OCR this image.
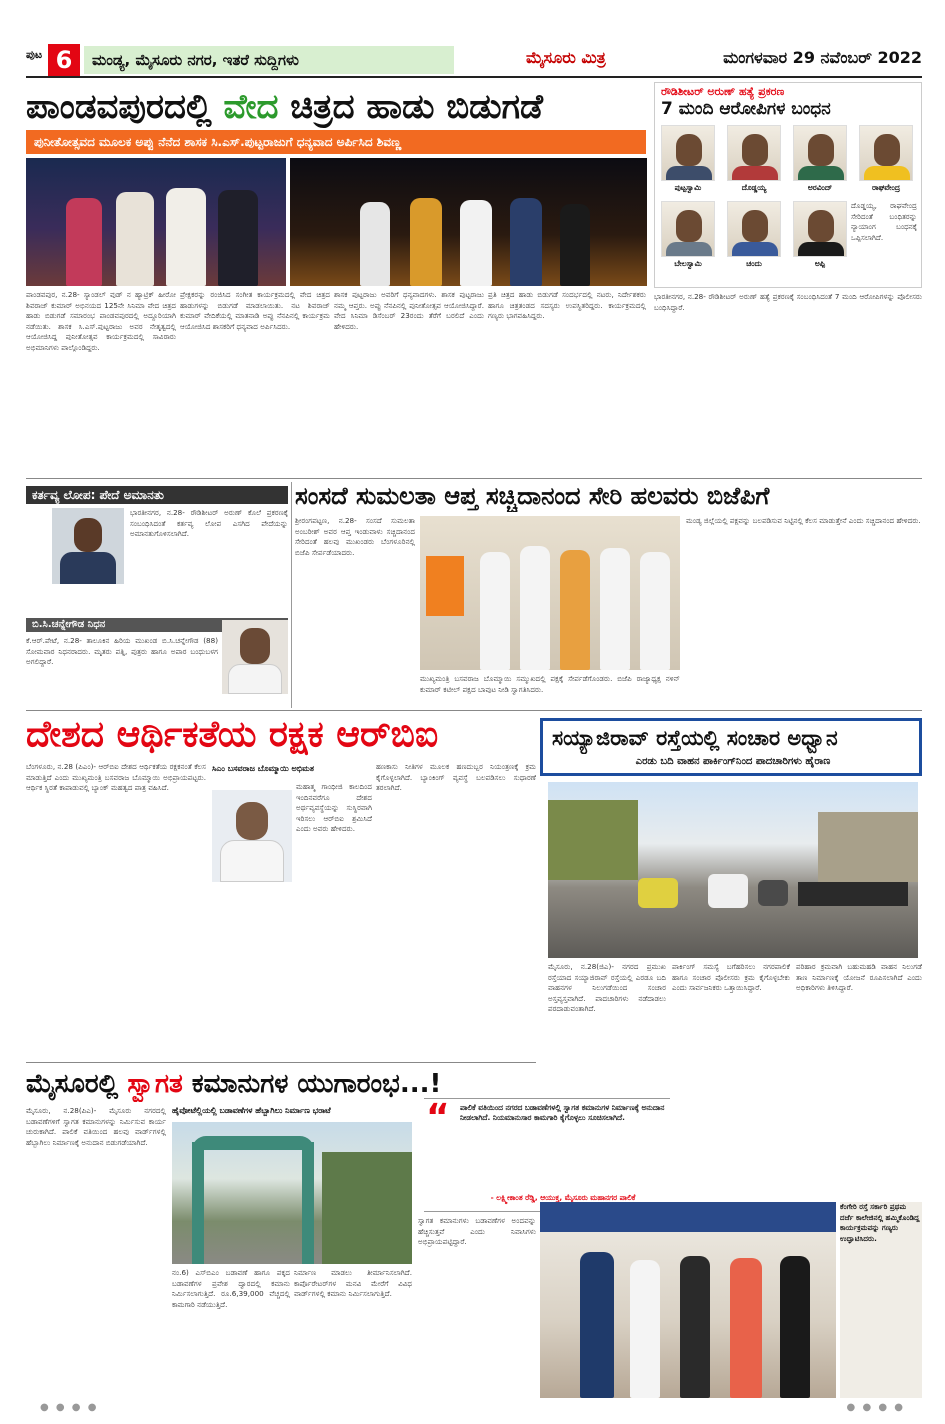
ಪುಟ 6	ಮಂಡ್ಯ, ಮೈಸೂರು ನಗರ, ಇತರೆ ಸುದ್ದಿಗಳು	ಮೈಸೂರು ಮಿತ್ರ	ಮಂಗಳವಾರ 29 ನವೆಂಬರ್ 2022
ಪಾಂಡವಪುರದಲ್ಲಿ ವೇದ ಚಿತ್ರದ ಹಾಡು ಬಿಡುಗಡೆ
ಪುನೀತೋತ್ಸವದ ಮೂಲಕ ಅಪ್ಪು ನೆನೆದ ಶಾಸಕ ಸಿ.ಎಸ್.ಪುಟ್ಟರಾಜುಗೆ ಧನ್ಯವಾದ ಅರ್ಪಿಸಿದ ಶಿವಣ್ಣ
ಪಾಂಡವಪುರ, ನ.28- ಸ್ಯಾಂಡಲ್ ವುಡ್ ನ ಹ್ಯಾಟ್ರಿಕ್ ಹೀರೋ ಶಿವರಾಜ್ ಕುಮಾರ್ ಅಭಿನಯದ 125ನೇ ಸಿನಿಮಾ ವೇದ ಚಿತ್ರದ ಹಾಡು ಬಿಡುಗಡೆ ಸಮಾರಂಭ ಪಾಂಡವಪುರದಲ್ಲಿ ಅದ್ದೂರಿಯಾಗಿ ನಡೆಯಿತು. ಶಾಸಕ ಸಿ.ಎಸ್.ಪುಟ್ಟರಾಜು ಅವರ ನೇತೃತ್ವದಲ್ಲಿ ಆಯೋಜಿಸಿದ್ದ ಪುನೀತೋತ್ಸವ ಕಾರ್ಯಕ್ರಮದಲ್ಲಿ ಸಾವಿರಾರು ಅಭಿಮಾನಿಗಳು ಪಾಲ್ಗೊಂಡಿದ್ದರು.
ಪ್ರೇಕ್ಷಕರನ್ನು ರಂಜಿಸಿದ ಸಂಗೀತ ಕಾರ್ಯಕ್ರಮದಲ್ಲಿ ವೇದ ಚಿತ್ರದ ಹಾಡುಗಳನ್ನು ಬಿಡುಗಡೆ ಮಾಡಲಾಯಿತು. ನಟ ಶಿವರಾಜ್ ಕುಮಾರ್ ವೇದಿಕೆಯಲ್ಲಿ ಮಾತನಾಡಿ ಅಪ್ಪು ನೆನಪಿನಲ್ಲಿ ಕಾರ್ಯಕ್ರಮ ಆಯೋಜಿಸಿದ ಶಾಸಕರಿಗೆ ಧನ್ಯವಾದ ಅರ್ಪಿಸಿದರು.
ಶಾಸಕ ಪುಟ್ಟರಾಜು ಅವರಿಗೆ ಧನ್ಯವಾದಗಳು. ಶಾಸಕ ಪುಟ್ಟರಾಜು ನಮ್ಮ ಆಪ್ತರು. ಅಪ್ಪು ನೆನಪಿನಲ್ಲಿ ಪುನೀತೋತ್ಸವ ಆಯೋಜಿಸಿದ್ದಾರೆ. ವೇದ ಸಿನಿಮಾ ಡಿಸೆಂಬರ್ 23ರಂದು ತೆರೆಗೆ ಬರಲಿದೆ ಎಂದು ಹೇಳಿದರು.
ಪ್ರತಿ ಚಿತ್ರದ ಹಾಡು ಬಿಡುಗಡೆ ಸಂದರ್ಭದಲ್ಲಿ ನಟರು, ನಿರ್ದೇಶಕರು ಹಾಗೂ ಚಿತ್ರತಂಡದ ಸದಸ್ಯರು ಉಪಸ್ಥಿತರಿದ್ದರು. ಕಾರ್ಯಕ್ರಮದಲ್ಲಿ ಗಣ್ಯರು ಭಾಗವಹಿಸಿದ್ದರು.
ರೌಡಿಶೀಟರ್ ಅರುಣ್ ಹತ್ಯೆ ಪ್ರಕರಣ
7 ಮಂದಿ ಆರೋಪಿಗಳ ಬಂಧನ
ಪುಟ್ಟಸ್ವಾಮಿ	ದೊಡ್ಡಯ್ಯ	ಅರವಿಂದ್	ರಾಘವೇಂದ್ರ
ಬೇಲಸ್ವಾಮಿ	ಚಂದು	ಅಪ್ಪಿ
ದೊಡ್ಡಯ್ಯ, ರಾಘವೇಂದ್ರ ಸೇರಿದಂತೆ ಬಂಧಿತರನ್ನು ನ್ಯಾಯಾಂಗ ಬಂಧನಕ್ಕೆ ಒಪ್ಪಿಸಲಾಗಿದೆ.
ಭಾರತೀನಗರ, ನ.28- ರೌಡಿಶೀಟರ್ ಅರುಣ್ ಹತ್ಯೆ ಪ್ರಕರಣಕ್ಕೆ ಸಂಬಂಧಿಸಿದಂತೆ 7 ಮಂದಿ ಆರೋಪಿಗಳನ್ನು ಪೊಲೀಸರು ಬಂಧಿಸಿದ್ದಾರೆ.
ಕರ್ತವ್ಯ ಲೋಪ: ಪೇದೆ ಅಮಾನತು
ಭಾರತೀನಗರ, ನ.28- ರೌಡಿಶೀಟರ್ ಅರುಣ್ ಕೊಲೆ ಪ್ರಕರಣಕ್ಕೆ ಸಂಬಂಧಿಸಿದಂತೆ ಕರ್ತವ್ಯ ಲೋಪ ಎಸಗಿದ ಪೇದೆಯನ್ನು ಅಮಾನತುಗೊಳಿಸಲಾಗಿದೆ.
ಬಿ.ಸಿ.ಚನ್ನೇಗೌಡ ನಿಧನ
ಕೆ.ಆರ್.ಪೇಟೆ, ನ.28- ತಾಲೂಕಿನ ಹಿರಿಯ ಮುಖಂಡ ಬಿ.ಸಿ.ಚನ್ನೇಗೌಡ (88) ಸೋಮವಾರ ನಿಧನರಾದರು. ಮೃತರು ಪತ್ನಿ, ಪುತ್ರರು ಹಾಗೂ ಅಪಾರ ಬಂಧುಬಳಗ ಅಗಲಿದ್ದಾರೆ.
ಸಂಸದೆ ಸುಮಲತಾ ಆಪ್ತ ಸಚ್ಚಿದಾನಂದ ಸೇರಿ ಹಲವರು ಬಿಜೆಪಿಗೆ
ಶ್ರೀರಂಗಪಟ್ಟಣ, ನ.28- ಸಂಸದೆ ಸುಮಲತಾ ಅಂಬರೀಶ್ ಅವರ ಆಪ್ತ ಇಂಡುವಾಳು ಸಚ್ಚಿದಾನಂದ ಸೇರಿದಂತೆ ಹಲವು ಮುಖಂಡರು ಬೆಂಗಳೂರಿನಲ್ಲಿ ಬಿಜೆಪಿ ಸೇರ್ಪಡೆಯಾದರು.
ಮುಖ್ಯಮಂತ್ರಿ ಬಸವರಾಜ ಬೊಮ್ಮಾಯಿ ಸಮ್ಮುಖದಲ್ಲಿ ಪಕ್ಷಕ್ಕೆ ಸೇರ್ಪಡೆಗೊಂಡರು. ಬಿಜೆಪಿ ರಾಜ್ಯಾಧ್ಯಕ್ಷ ನಳಿನ್ ಕುಮಾರ್ ಕಟೀಲ್ ಪಕ್ಷದ ಬಾವುಟ ನೀಡಿ ಸ್ವಾಗತಿಸಿದರು.
ಮಂಡ್ಯ ಜಿಲ್ಲೆಯಲ್ಲಿ ಪಕ್ಷವನ್ನು ಬಲಪಡಿಸುವ ನಿಟ್ಟಿನಲ್ಲಿ ಕೆಲಸ ಮಾಡುತ್ತೇನೆ ಎಂದು ಸಚ್ಚಿದಾನಂದ ಹೇಳಿದರು.
ದೇಶದ ಆರ್ಥಿಕತೆಯ ರಕ್ಷಕ ಆರ್‌ಬಿಐ
ಬೆಂಗಳೂರು, ನ.28 (ಪಿಎಂ)- ಆರ್‌ಬಿಐ ದೇಶದ ಆರ್ಥಿಕತೆಯ ರಕ್ಷಕನಂತೆ ಕೆಲಸ ಮಾಡುತ್ತಿದೆ ಎಂದು ಮುಖ್ಯಮಂತ್ರಿ ಬಸವರಾಜ ಬೊಮ್ಮಾಯಿ ಅಭಿಪ್ರಾಯಪಟ್ಟರು. ಆರ್ಥಿಕ ಸ್ಥಿರತೆ ಕಾಪಾಡುವಲ್ಲಿ ಬ್ಯಾಂಕ್ ಮಹತ್ವದ ಪಾತ್ರ ವಹಿಸಿದೆ.
ಸಿಎಂ ಬಸವರಾಜ ಬೊಮ್ಮಾಯಿ ಅಭಿಮತ
ಮಹಾತ್ಮ ಗಾಂಧೀಜಿ ಕಾಲದಿಂದ ಇಂದಿನವರೆಗೂ ದೇಶದ ಅರ್ಥವ್ಯವಸ್ಥೆಯನ್ನು ಸುಸ್ಥಿರವಾಗಿ ಇರಿಸಲು ಆರ್‌ಬಿಐ ಶ್ರಮಿಸಿದೆ ಎಂದು ಅವರು ಹೇಳಿದರು.
ಹಣಕಾಸು ನೀತಿಗಳ ಮೂಲಕ ಹಣದುಬ್ಬರ ನಿಯಂತ್ರಣಕ್ಕೆ ಕ್ರಮ ಕೈಗೊಳ್ಳಲಾಗಿದೆ. ಬ್ಯಾಂಕಿಂಗ್ ವ್ಯವಸ್ಥೆ ಬಲಪಡಿಸಲು ಸುಧಾರಣೆ ತರಲಾಗಿದೆ.
ಸಯ್ಯಾಜಿರಾವ್ ರಸ್ತೆಯಲ್ಲಿ ಸಂಚಾರ ಅಧ್ವಾನ
ಎರಡು ಬದಿ ವಾಹನ ಪಾರ್ಕಿಂಗ್‌ನಿಂದ ಪಾದಚಾರಿಗಳು ಹೈರಾಣ
ಮೈಸೂರು, ನ.28(ಜಿಎ)- ನಗರದ ಪ್ರಮುಖ ರಸ್ತೆಯಾದ ಸಯ್ಯಾಜಿರಾವ್ ರಸ್ತೆಯಲ್ಲಿ ಎರಡೂ ಬದಿ ವಾಹನಗಳ ನಿಲುಗಡೆಯಿಂದ ಸಂಚಾರ ಅಸ್ತವ್ಯಸ್ತವಾಗಿದೆ. ಪಾದಚಾರಿಗಳು ನಡೆದಾಡಲು ಪರದಾಡುವಂತಾಗಿದೆ.
ಪಾರ್ಕಿಂಗ್ ಸಮಸ್ಯೆ ಬಗೆಹರಿಸಲು ನಗರಪಾಲಿಕೆ ಹಾಗೂ ಸಂಚಾರ ಪೊಲೀಸರು ಕ್ರಮ ಕೈಗೊಳ್ಳಬೇಕು ಎಂದು ಸಾರ್ವಜನಿಕರು ಒತ್ತಾಯಿಸಿದ್ದಾರೆ.
ಪರಿಹಾರ ಕ್ರಮವಾಗಿ ಬಹುಮಹಡಿ ವಾಹನ ನಿಲುಗಡೆ ತಾಣ ನಿರ್ಮಾಣಕ್ಕೆ ಯೋಜನೆ ರೂಪಿಸಲಾಗಿದೆ ಎಂದು ಅಧಿಕಾರಿಗಳು ತಿಳಿಸಿದ್ದಾರೆ.
ಮೈಸೂರಲ್ಲಿ ಸ್ವಾಗತ ಕಮಾನುಗಳ ಯುಗಾರಂಭ...!
ಮೈಸೂರು, ನ.28(ಪಿಎ)- ಮೈಸೂರು ನಗರದಲ್ಲಿ ಬಡಾವಣೆಗಳಿಗೆ ಸ್ವಾಗತ ಕಮಾನುಗಳನ್ನು ನಿರ್ಮಿಸುವ ಕಾರ್ಯ ಚುರುಕಾಗಿದೆ. ಪಾಲಿಕೆ ವತಿಯಿಂದ ಹಲವು ವಾರ್ಡ್‌ಗಳಲ್ಲಿ ಹೆಬ್ಬಾಗಿಲು ನಿರ್ಮಾಣಕ್ಕೆ ಅನುದಾನ ಬಿಡುಗಡೆಯಾಗಿದೆ.
ಹೈವೋಟೆಲ್ಲಿಯಲ್ಲಿ ಬಡಾವಣೆಗಳ ಹೆಬ್ಬಾಗಿಲು ನಿರ್ಮಾಣ ಭರಾಟೆ
ನಂ.6) ಎಸ್‌ಬಿಎಂ ಬಡಾವಣೆ ಹಾಗೂ ಪಕ್ಕದ ಬಡಾವಣೆಗಳ ಪ್ರವೇಶ ದ್ವಾರದಲ್ಲಿ ಕಮಾನು ನಿರ್ಮಿಸಲಾಗುತ್ತಿದೆ. ರೂ.6,39,000 ವೆಚ್ಚದಲ್ಲಿ ಕಾಮಗಾರಿ ನಡೆಯುತ್ತಿದೆ.
ನಿರ್ಮಾಣ ಮಾಡಲು ತೀರ್ಮಾನಿಸಲಾಗಿದೆ. ಕಾರ್ಪೊರೇಟರ್‌ಗಳ ಮನವಿ ಮೇರೆಗೆ ವಿವಿಧ ವಾರ್ಡ್‌ಗಳಲ್ಲಿ ಕಮಾನು ನಿರ್ಮಿಸಲಾಗುತ್ತಿದೆ.
“ ಪಾಲಿಕೆ ವತಿಯಿಂದ ನಗರದ ಬಡಾವಣೆಗಳಲ್ಲಿ ಸ್ವಾಗತ ಕಮಾನುಗಳ ನಿರ್ಮಾಣಕ್ಕೆ ಅನುದಾನ ನೀಡಲಾಗಿದೆ. ನಿಯಮಾನುಸಾರ ಕಾಮಗಾರಿ ಕೈಗೊಳ್ಳಲು ಸೂಚಿಸಲಾಗಿದೆ.
- ಲಕ್ಷ್ಮೀಕಾಂತ ರೆಡ್ಡಿ, ಆಯುಕ್ತ, ಮೈಸೂರು ಮಹಾನಗರ ಪಾಲಿಕೆ
ಸ್ವಾಗತ ಕಮಾನುಗಳು ಬಡಾವಣೆಗಳ ಅಂದವನ್ನು ಹೆಚ್ಚಿಸುತ್ತವೆ ಎಂದು ನಿವಾಸಿಗಳು ಅಭಿಪ್ರಾಯಪಟ್ಟಿದ್ದಾರೆ.
ಕೆಂಗೇರಿ ರಸ್ತೆ ಸರ್ಕಾರಿ ಪ್ರಥಮ ದರ್ಜೆ ಕಾಲೇಜಿನಲ್ಲಿ ಹಮ್ಮಿಕೊಂಡಿದ್ದ ಕಾರ್ಯಕ್ರಮವನ್ನು ಗಣ್ಯರು ಉದ್ಘಾಟಿಸಿದರು.
● ● ● ●	● ● ● ●
